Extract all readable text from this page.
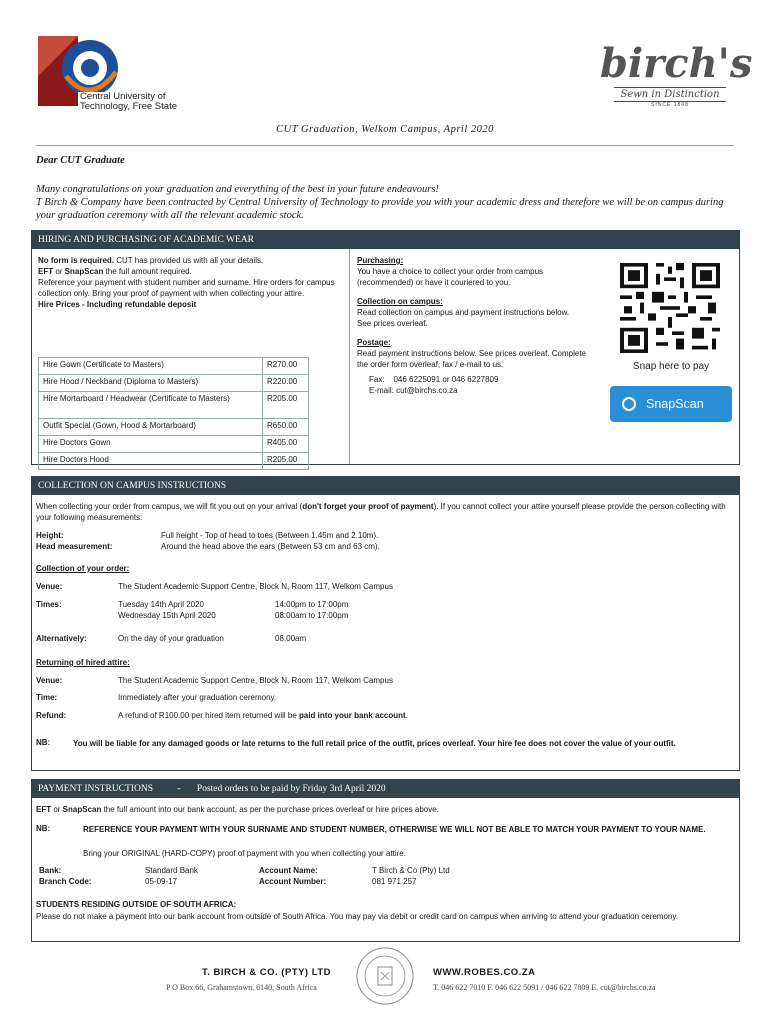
Central University of
Technology, Free State
birch's
Sewn in Distinction
SINCE 1868
CUT Graduation, Welkom Campus, April 2020
Dear CUT Graduate
Many congratulations on your graduation and everything of the best in your future endeavours!
T Birch & Company have been contracted by Central University of Technology to provide you with your academic dress and therefore we will be on campus during your graduation ceremony with all the relevant academic stock.
HIRING AND PURCHASING OF ACADEMIC WEAR
No form is required. CUT has provided us with all your details.
EFT or SnapScan the full amount required.
Reference your payment with student number and surname. Hire orders for campus collection only. Bring your proof of payment with when collecting your attire.
Hire Prices - Including refundable deposit
Hire Gown (Certificate to Masters)	R270.00
Hire Hood / Neckband (Diploma to Masters)	R220.00
Hire Mortarboard / Headwear (Certificate to Masters)	R205.00
Outfit Special (Gown, Hood & Mortarboard)	R650.00
Hire Doctors Gown	R405.00
Hire Doctors Hood	R205.00
Purchasing:
You have a choice to collect your order from campus (recommended) or have it couriered to you.
Collection on campus:
Read collection on campus and payment instructions below.
See prices overleaf.
Postage:
Read payment instructions below. See prices overleaf. Complete the order form overleaf, fax / e-mail to us:
Fax: 046 6225091 or 046 6227809
E-mail: cut@birchs.co.za
Snap here to pay
SnapScan
COLLECTION ON CAMPUS INSTRUCTIONS
When collecting your order from campus, we will fit you out on your arrival (don't forget your proof of payment). If you cannot collect your attire yourself please provide the person collecting with your following measurements:
Height:	Full height - Top of head to toes (Between 1.45m and 2.10m).
Head measurement:	Around the head above the ears (Between 53 cm and 63 cm).
Collection of your order:
Venue:	The Student Academic Support Centre, Block N, Room 117, Welkom Campus
Times:	Tuesday 14th April 2020	14:00pm to 17:00pm
Wednesday 15th April 2020	08:00am to 17:00pm
Alternatively:	On the day of your graduation	08.00am
Returning of hired attire:
Venue:	The Student Academic Support Centre, Block N, Room 117, Welkom Campus
Time:	Immediately after your graduation ceremony.
Refund:	A refund of R100.00 per hired item returned will be paid into your bank account.
NB:	You will be liable for any damaged goods or late returns to the full retail price of the outfit, prices overleaf. Your hire fee does not cover the value of your outfit.
PAYMENT INSTRUCTIONS	- Posted orders to be paid by Friday 3rd April 2020
EFT or SnapScan the full amount into our bank account, as per the purchase prices overleaf or hire prices above.
NB:	REFERENCE YOUR PAYMENT WITH YOUR SURNAME AND STUDENT NUMBER, OTHERWISE WE WILL NOT BE ABLE TO MATCH YOUR PAYMENT TO YOUR NAME.
Bring your ORIGINAL (HARD-COPY) proof of payment with you when collecting your attire.
Bank:	Standard Bank
Branch Code:	05-09-17
Account Name:	T Birch & Co (Pty) Ltd
Account Number:	081 971 257
STUDENTS RESIDING OUTSIDE OF SOUTH AFRICA:
Please do not make a payment into our bank account from outside of South Africa. You may pay via debit or credit card on campus when arriving to attend your graduation ceremony.
T. BIRCH & CO. (PTY) LTD
P O Box 66, Grahamstown, 6140, South Africa
WWW.ROBES.CO.ZA
T. 046 622 7010 F. 046 622 5091 / 046 622 7809 E. cut@birchs.co.za
